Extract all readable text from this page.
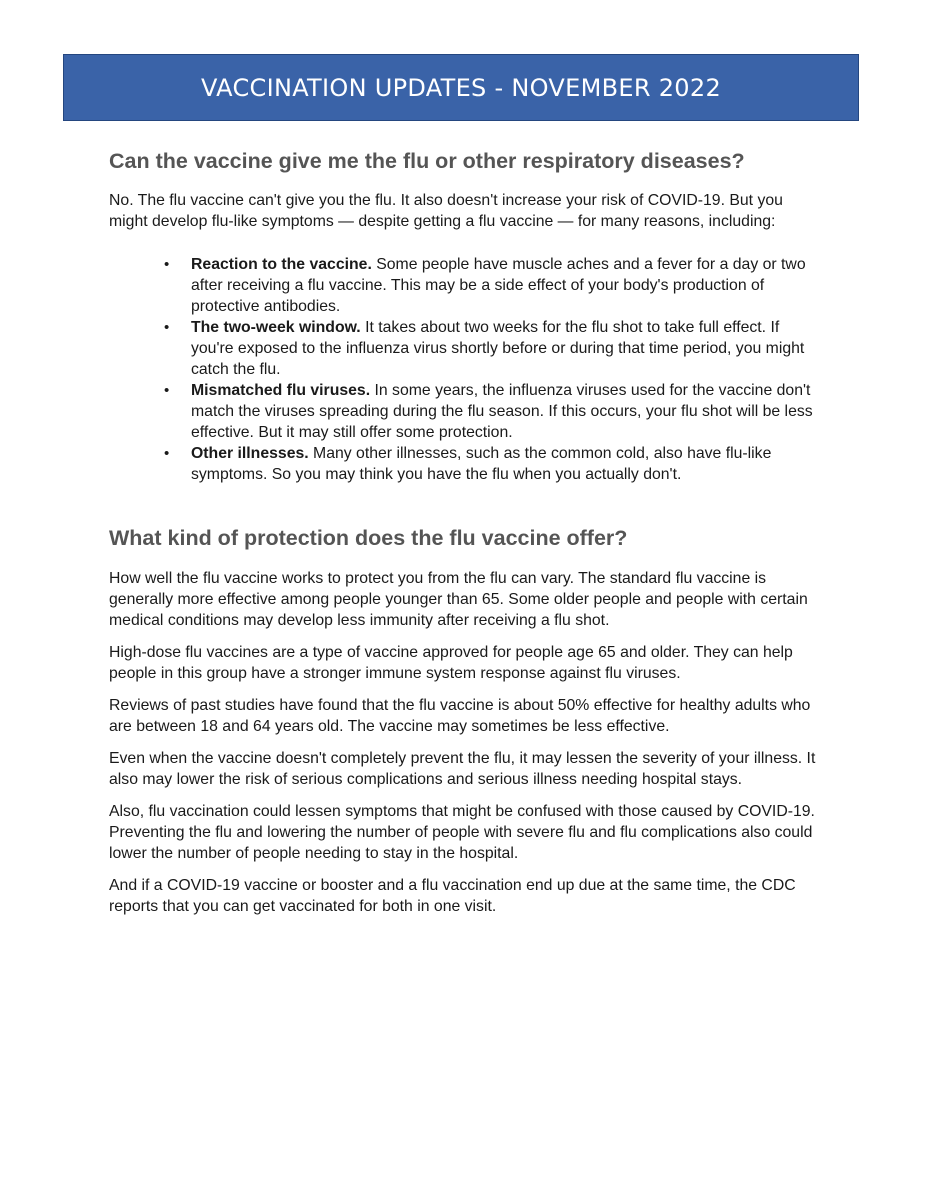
VACCINATION UPDATES - NOVEMBER 2022
Can the vaccine give me the flu or other respiratory diseases?

No. The flu vaccine can't give you the flu. It also doesn't increase your risk of COVID-19. But you might develop flu-like symptoms — despite getting a flu vaccine — for many reasons, including:

• Reaction to the vaccine. Some people have muscle aches and a fever for a day or two after receiving a flu vaccine. This may be a side effect of your body's production of protective antibodies.
• The two-week window. It takes about two weeks for the flu shot to take full effect. If you're exposed to the influenza virus shortly before or during that time period, you might catch the flu.
• Mismatched flu viruses. In some years, the influenza viruses used for the vaccine don't match the viruses spreading during the flu season. If this occurs, your flu shot will be less effective. But it may still offer some protection.
• Other illnesses. Many other illnesses, such as the common cold, also have flu-like symptoms. So you may think you have the flu when you actually don't.
What kind of protection does the flu vaccine offer?

How well the flu vaccine works to protect you from the flu can vary. The standard flu vaccine is generally more effective among people younger than 65. Some older people and people with certain medical conditions may develop less immunity after receiving a flu shot.

High-dose flu vaccines are a type of vaccine approved for people age 65 and older. They can help people in this group have a stronger immune system response against flu viruses.

Reviews of past studies have found that the flu vaccine is about 50% effective for healthy adults who are between 18 and 64 years old. The vaccine may sometimes be less effective.

Even when the vaccine doesn't completely prevent the flu, it may lessen the severity of your illness. It also may lower the risk of serious complications and serious illness needing hospital stays.

Also, flu vaccination could lessen symptoms that might be confused with those caused by COVID-19. Preventing the flu and lowering the number of people with severe flu and flu complications also could lower the number of people needing to stay in the hospital.

And if a COVID-19 vaccine or booster and a flu vaccination end up due at the same time, the CDC reports that you can get vaccinated for both in one visit.
